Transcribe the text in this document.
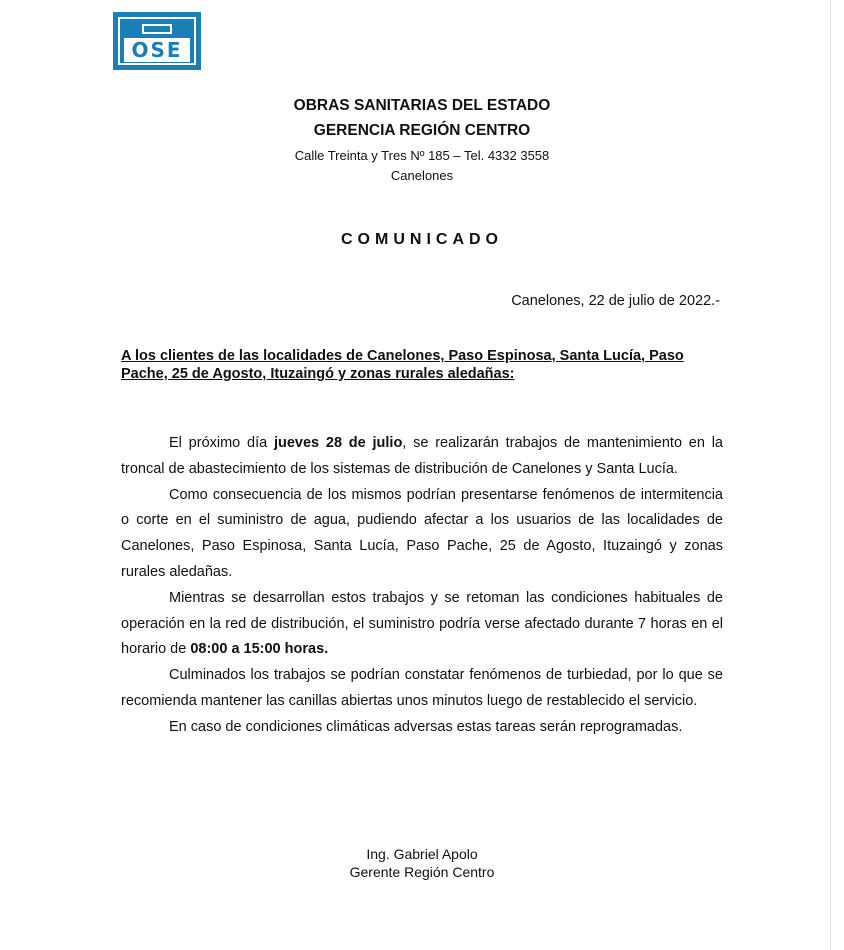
OSE
OBRAS SANITARIAS DEL ESTADO
GERENCIA REGIÓN CENTRO
Calle Treinta y Tres Nº 185 – Tel. 4332 3558
Canelones
COMUNICADO
Canelones, 22 de julio de 2022.-
A los clientes de las localidades de Canelones, Paso Espinosa, Santa Lucía, Paso Pache, 25 de Agosto, Ituzaingó y zonas rurales aledañas:

El próximo día jueves 28 de julio, se realizarán trabajos de mantenimiento en la troncal de abastecimiento de los sistemas de distribución de Canelones y Santa Lucía.

Como consecuencia de los mismos podrían presentarse fenómenos de intermitencia o corte en el suministro de agua, pudiendo afectar a los usuarios de las localidades de Canelones, Paso Espinosa, Santa Lucía, Paso Pache, 25 de Agosto, Ituzaingó y zonas rurales aledañas.

Mientras se desarrollan estos trabajos y se retoman las condiciones habituales de operación en la red de distribución, el suministro podría verse afectado durante 7 horas en el horario de 08:00 a 15:00 horas.

Culminados los trabajos se podrían constatar fenómenos de turbiedad, por lo que se recomienda mantener las canillas abiertas unos minutos luego de restablecido el servicio.

En caso de condiciones climáticas adversas estas tareas serán reprogramadas.

Ing. Gabriel Apolo
Gerente Región Centro
